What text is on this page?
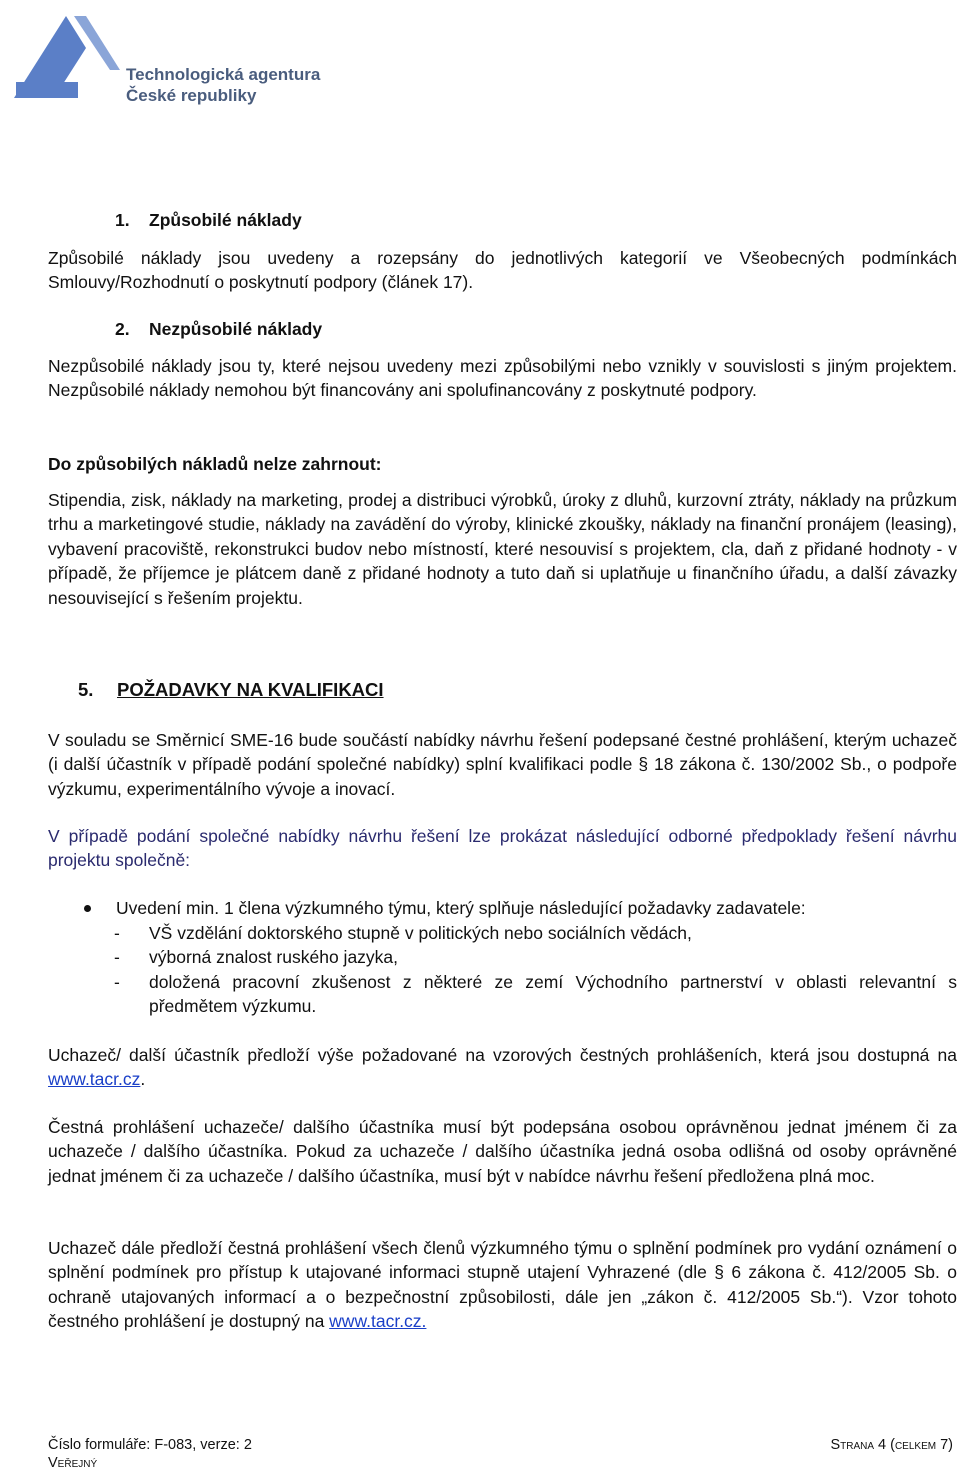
Technologická agentura
České republiky
1. Způsobilé náklady

Způsobilé náklady jsou uvedeny a rozepsány do jednotlivých kategorií ve Všeobecných podmínkách Smlouvy/Rozhodnutí o poskytnutí podpory (článek 17).

2. Nezpůsobilé náklady

Nezpůsobilé náklady jsou ty, které nejsou uvedeny mezi způsobilými nebo vznikly v souvislosti s jiným projektem. Nezpůsobilé náklady nemohou být financovány ani spolufinancovány z poskytnuté podpory.

Do způsobilých nákladů nelze zahrnout:

Stipendia, zisk, náklady na marketing, prodej a distribuci výrobků, úroky z dluhů, kurzovní ztráty, náklady na průzkum trhu a marketingové studie, náklady na zavádění do výroby, klinické zkoušky, náklady na finanční pronájem (leasing), vybavení pracoviště, rekonstrukci budov nebo místností, které nesouvisí s projektem, cla, daň z přidané hodnoty - v případě, že příjemce je plátcem daně z přidané hodnoty a tuto daň si uplatňuje u finančního úřadu, a další závazky nesouvisející s řešením projektu.

5. POŽADAVKY NA KVALIFIKACI

V souladu se Směrnicí SME-16 bude součástí nabídky návrhu řešení podepsané čestné prohlášení, kterým uchazeč (i další účastník v případě podání společné nabídky) splní kvalifikaci podle § 18 zákona č. 130/2002 Sb., o podpoře výzkumu, experimentálního vývoje a inovací.

V případě podání společné nabídky návrhu řešení lze prokázat následující odborné předpoklady řešení návrhu projektu společně:

Uvedení min. 1 člena výzkumného týmu, který splňuje následující požadavky zadavatele:
- VŠ vzdělání doktorského stupně v politických nebo sociálních vědách,
- výborná znalost ruského jazyka,
- doložená pracovní zkušenost z některé ze zemí Východního partnerství v oblasti relevantní s předmětem výzkumu.

Uchazeč/ další účastník předloží výše požadované na vzorových čestných prohlášeních, která jsou dostupná na www.tacr.cz.

Čestná prohlášení uchazeče/ dalšího účastníka musí být podepsána osobou oprávněnou jednat jménem či za uchazeče / dalšího účastníka. Pokud za uchazeče / dalšího účastníka jedná osoba odlišná od osoby oprávněné jednat jménem či za uchazeče / dalšího účastníka, musí být v nabídce návrhu řešení předložena plná moc.

Uchazeč dále předloží čestná prohlášení všech členů výzkumného týmu o splnění podmínek pro vydání oznámení o splnění podmínek pro přístup k utajované informaci stupně utajení Vyhrazené (dle § 6 zákona č. 412/2005 Sb. o ochraně utajovaných informací a o bezpečnostní způsobilosti, dále jen „zákon č. 412/2005 Sb.“). Vzor tohoto čestného prohlášení je dostupný na www.tacr.cz.

Číslo formuláře: F-083, verze: 2
Veřejný
Strana 4 (celkem 7)
